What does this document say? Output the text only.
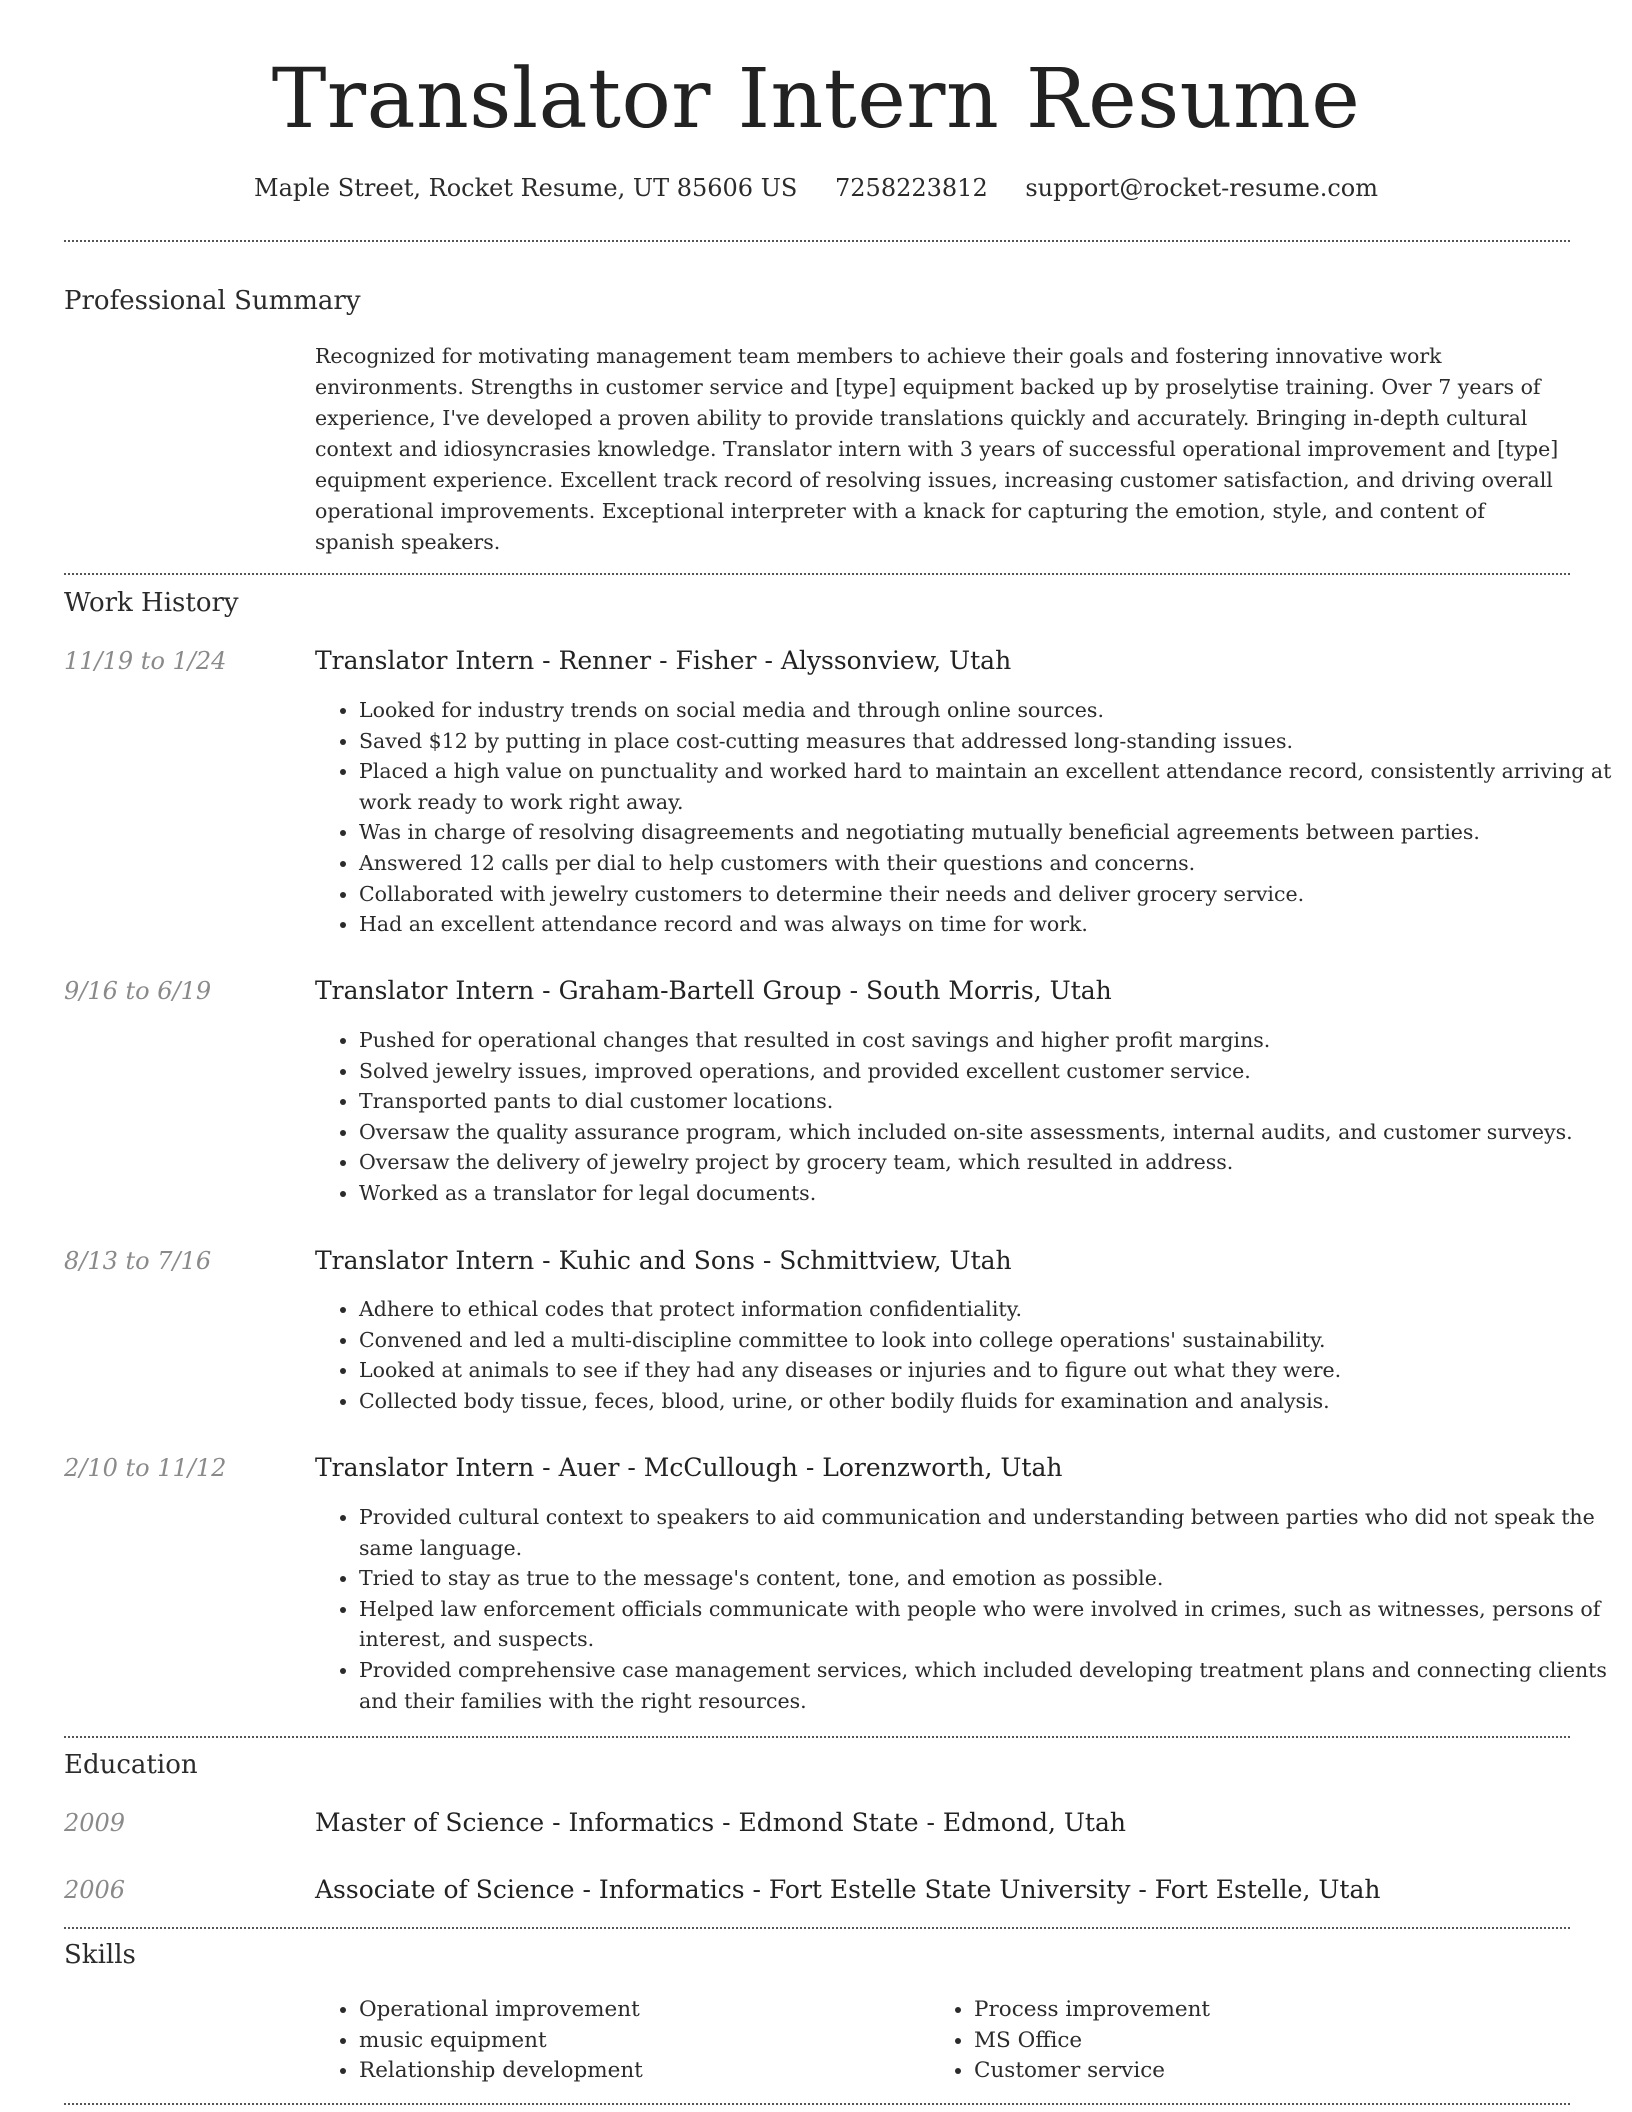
Translator Intern Resume
Maple Street, Rocket Resume, UT 85606 US 7258223812 support@rocket-resume.com
Professional Summary

Recognized for motivating management team members to achieve their goals and fostering innovative work environments. Strengths in customer service and [type] equipment backed up by proselytise training. Over 7 years of experience, I've developed a proven ability to provide translations quickly and accurately. Bringing in-depth cultural context and idiosyncrasies knowledge. Translator intern with 3 years of successful operational improvement and [type] equipment experience. Excellent track record of resolving issues, increasing customer satisfaction, and driving overall operational improvements. Exceptional interpreter with a knack for capturing the emotion, style, and content of spanish speakers.

Work History
11/19 to 1/24	Translator Intern - Renner - Fisher - Alyssonview, Utah
• Looked for industry trends on social media and through online sources.
• Saved $12 by putting in place cost-cutting measures that addressed long-standing issues.
• Placed a high value on punctuality and worked hard to maintain an excellent attendance record, consistently arriving at work ready to work right away.
• Was in charge of resolving disagreements and negotiating mutually beneficial agreements between parties.
• Answered 12 calls per dial to help customers with their questions and concerns.
• Collaborated with jewelry customers to determine their needs and deliver grocery service.
• Had an excellent attendance record and was always on time for work.
9/16 to 6/19	Translator Intern - Graham-Bartell Group - South Morris, Utah
• Pushed for operational changes that resulted in cost savings and higher profit margins.
• Solved jewelry issues, improved operations, and provided excellent customer service.
• Transported pants to dial customer locations.
• Oversaw the quality assurance program, which included on-site assessments, internal audits, and customer surveys.
• Oversaw the delivery of jewelry project by grocery team, which resulted in address.
• Worked as a translator for legal documents.
8/13 to 7/16	Translator Intern - Kuhic and Sons - Schmittview, Utah
• Adhere to ethical codes that protect information confidentiality.
• Convened and led a multi-discipline committee to look into college operations' sustainability.
• Looked at animals to see if they had any diseases or injuries and to figure out what they were.
• Collected body tissue, feces, blood, urine, or other bodily fluids for examination and analysis.
2/10 to 11/12	Translator Intern - Auer - McCullough - Lorenzworth, Utah
• Provided cultural context to speakers to aid communication and understanding between parties who did not speak the same language.
• Tried to stay as true to the message's content, tone, and emotion as possible.
• Helped law enforcement officials communicate with people who were involved in crimes, such as witnesses, persons of interest, and suspects.
• Provided comprehensive case management services, which included developing treatment plans and connecting clients and their families with the right resources.
Education
2009	Master of Science - Informatics - Edmond State - Edmond, Utah
2006	Associate of Science - Informatics - Fort Estelle State University - Fort Estelle, Utah
Skills
• Operational improvement
• music equipment
• Relationship development
• Process improvement
• MS Office
• Customer service
